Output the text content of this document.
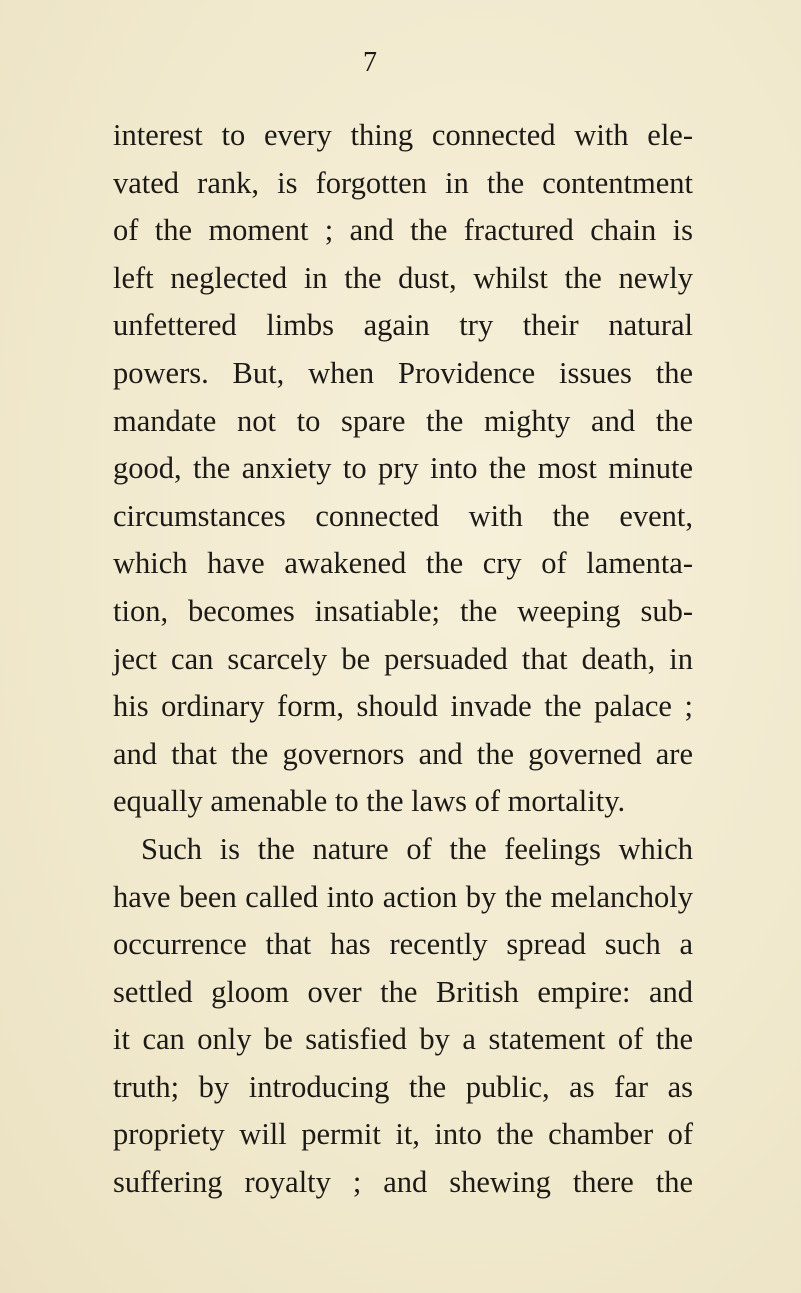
7
interest to every thing connected with ele-
vated rank, is forgotten in the contentment
of the moment ; and the fractured chain is
left neglected in the dust, whilst the newly
unfettered limbs again try their natural
powers. But, when Providence issues the
mandate not to spare the mighty and the
good, the anxiety to pry into the most minute
circumstances connected with the event,
which have awakened the cry of lamenta-
tion, becomes insatiable; the weeping sub-
ject can scarcely be persuaded that death, in
his ordinary form, should invade the palace ;
and that the governors and the governed are
equally amenable to the laws of mortality.
Such is the nature of the feelings which
have been called into action by the melancholy
occurrence that has recently spread such a
settled gloom over the British empire: and
it can only be satisfied by a statement of the
truth; by introducing the public, as far as
propriety will permit it, into the chamber of
suffering royalty ; and shewing there the
